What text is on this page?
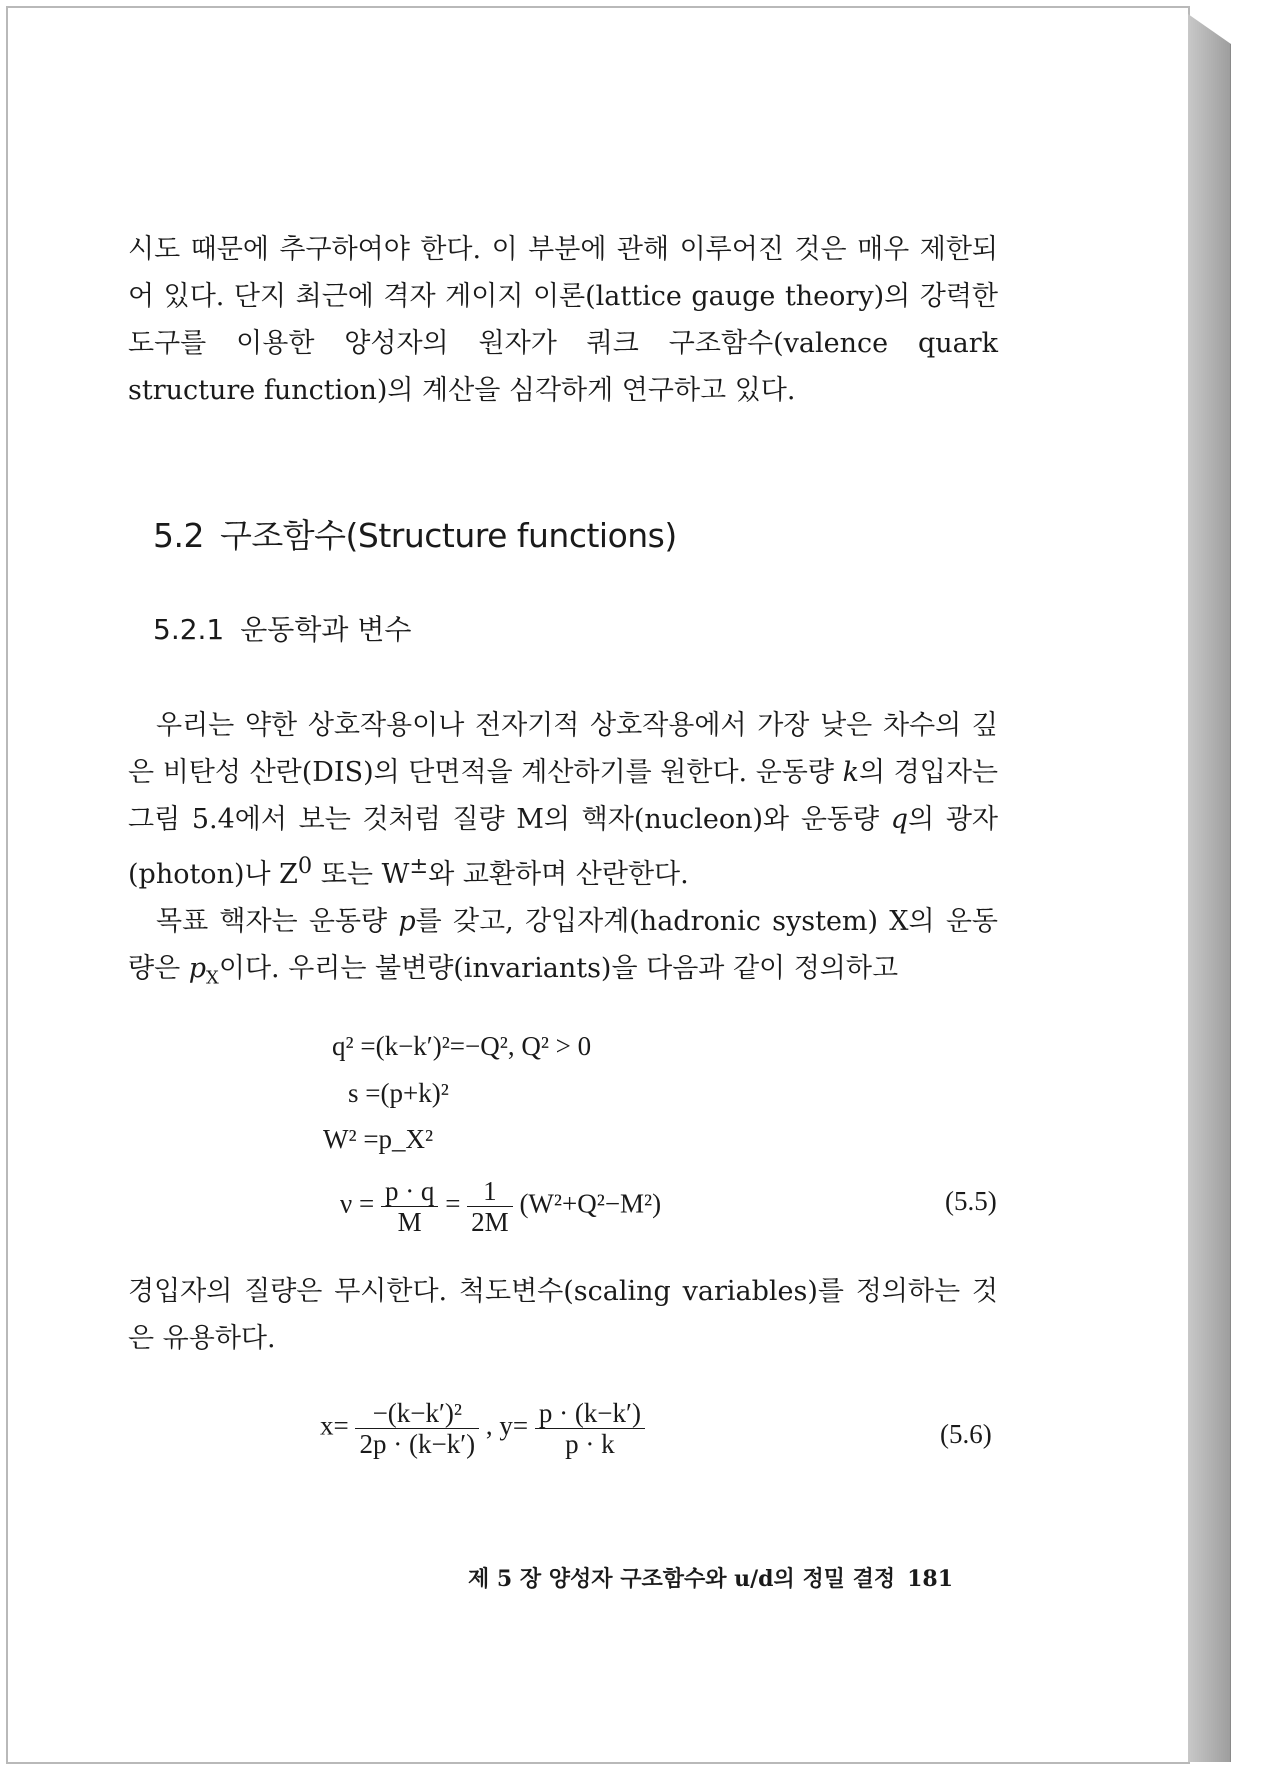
시도 때문에 추구하여야 한다. 이 부분에 관해 이루어진 것은 매우 제한되어 있다. 단지 최근에 격자 게이지 이론(lattice gauge theory)의 강력한 도구를 이용한 양성자의 원자가 쿼크 구조함수(valence quark structure function)의 계산을 심각하게 연구하고 있다.

5.2 구조함수(Structure functions)
5.2.1 운동학과 변수

우리는 약한 상호작용이나 전자기적 상호작용에서 가장 낮은 차수의 깊은 비탄성 산란(DIS)의 단면적을 계산하기를 원한다. 운동량 k의 경입자는 그림 5.4에서 보는 것처럼 질량 M의 핵자(nucleon)와 운동량 q의 광자(photon)나 $Z^0$ 또는 W±와 교환하며 산란한다.

목표 핵자는 운동량 p를 갖고, 강입자계(hadronic system) X의 운동량은 $p_X$이다. 우리는 불변량(invariants)을 다음과 같이 정의하고

q² =(k−k′)²=−Q², Q² > 0
s =(p+k)²
W² =p_X²
$\nu = \frac{p \cdot q}{M} = \frac{1}{2M} (W^2+Q^2-M^2)$	(5.5)

경입자의 질량은 무시한다. 척도변수(scaling variables)를 정의하는 것은 유용하다.

$x= \frac{\text{−(k−k′)²}}{2p \cdot (k-k')}$ , $y= \frac{p \cdot (k-k')}{p \cdot k}$	(5.6)
제 5 장 양성자 구조함수와 u/d의 정밀 결정 181
